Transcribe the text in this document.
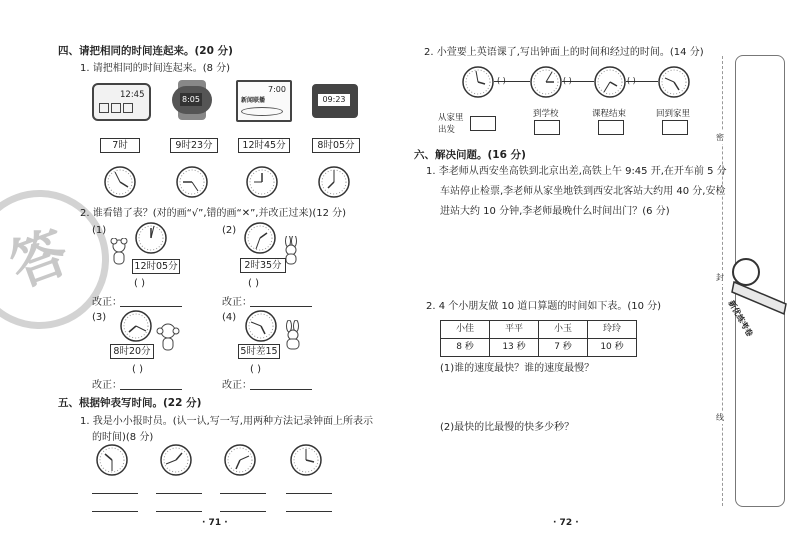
答
四、请把相同的时间连起来。(20 分)
1. 请把相同的时间连起来。(8 分)
12:45	8:05
7:00
新闻联播	09:23
7时	9时23分	12时45分	8时05分
2. 谁看错了表？(对的画“√”,错的画“✕”,并改正过来)(12 分)
(1)
12时05分
( )
改正：
(2)
2时35分
( )
改正：
(3)
8时20分
( )
改正：
(4)
5时差15
( )
改正：
五、根据钟表写时间。(22 分)
1. 我是小小报时员。(认一认,写一写,用两种方法记录钟面上所表示
的时间)(8 分)
· 71 ·
2. 小萱要上英语课了,写出钟面上的时间和经过的时间。(14 分)
( )	( )	( )
从家里出发
到学校	课程结束	回到家里
六、解决问题。(16 分)
1. 李老师从西安坐高铁到北京出差,高铁上午 9:45 开,在开车前 5 分
车站停止检票,李老师从家坐地铁到西安北客站大约用 40 分,安检
进站大约 10 分钟,李老师最晚什么时间出门？(6 分)
2. 4 个小朋友做 10 道口算题的时间如下表。(10 分)
小佳	平平	小玉	玲玲
8 秒	13 秒	7 秒	10 秒
(1)谁的速度最快？谁的速度最慢？
(2)最快的比最慢的快多少秒？
· 72 ·
密
封
线
新优练考卷
